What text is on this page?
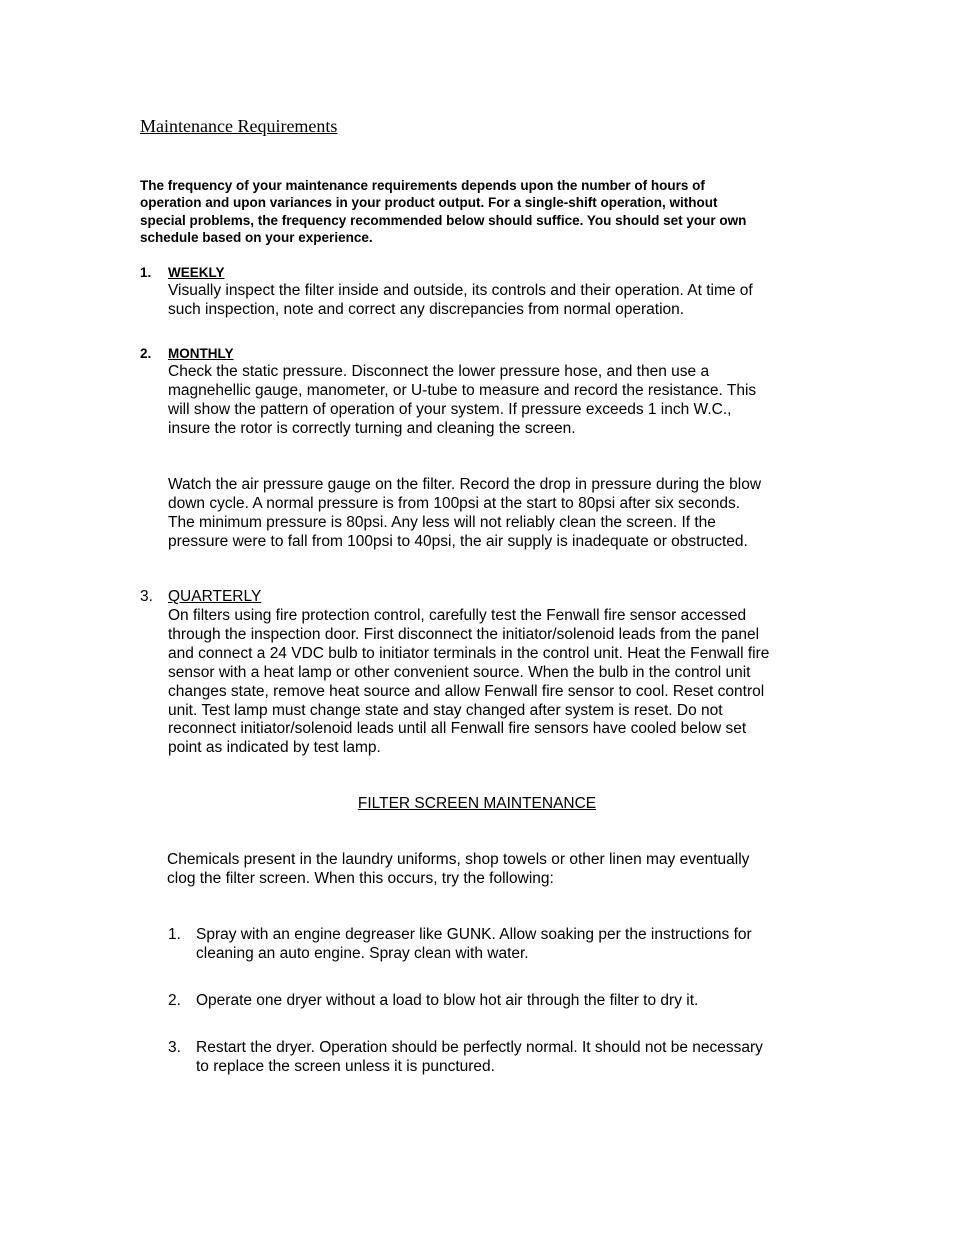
Maintenance Requirements
The frequency of your maintenance requirements depends upon the number of hours of
operation and upon variances in your product output. For a single-shift operation, without
special problems, the frequency recommended below should suffice. You should set your own
schedule based on your experience.
1. WEEKLY
Visually inspect the filter inside and outside, its controls and their operation. At time of
such inspection, note and correct any discrepancies from normal operation.
2. MONTHLY
Check the static pressure. Disconnect the lower pressure hose, and then use a
magnehellic gauge, manometer, or U-tube to measure and record the resistance. This
will show the pattern of operation of your system. If pressure exceeds 1 inch W.C.,
insure the rotor is correctly turning and cleaning the screen.
Watch the air pressure gauge on the filter. Record the drop in pressure during the blow
down cycle. A normal pressure is from 100psi at the start to 80psi after six seconds.
The minimum pressure is 80psi. Any less will not reliably clean the screen. If the
pressure were to fall from 100psi to 40psi, the air supply is inadequate or obstructed.
3. QUARTERLY
On filters using fire protection control, carefully test the Fenwall fire sensor accessed
through the inspection door. First disconnect the initiator/solenoid leads from the panel
and connect a 24 VDC bulb to initiator terminals in the control unit. Heat the Fenwall fire
sensor with a heat lamp or other convenient source. When the bulb in the control unit
changes state, remove heat source and allow Fenwall fire sensor to cool. Reset control
unit. Test lamp must change state and stay changed after system is reset. Do not
reconnect initiator/solenoid leads until all Fenwall fire sensors have cooled below set
point as indicated by test lamp.
FILTER SCREEN MAINTENANCE
Chemicals present in the laundry uniforms, shop towels or other linen may eventually
clog the filter screen. When this occurs, try the following:
1. Spray with an engine degreaser like GUNK. Allow soaking per the instructions for
cleaning an auto engine. Spray clean with water.
2. Operate one dryer without a load to blow hot air through the filter to dry it.
3. Restart the dryer. Operation should be perfectly normal. It should not be necessary
to replace the screen unless it is punctured.
